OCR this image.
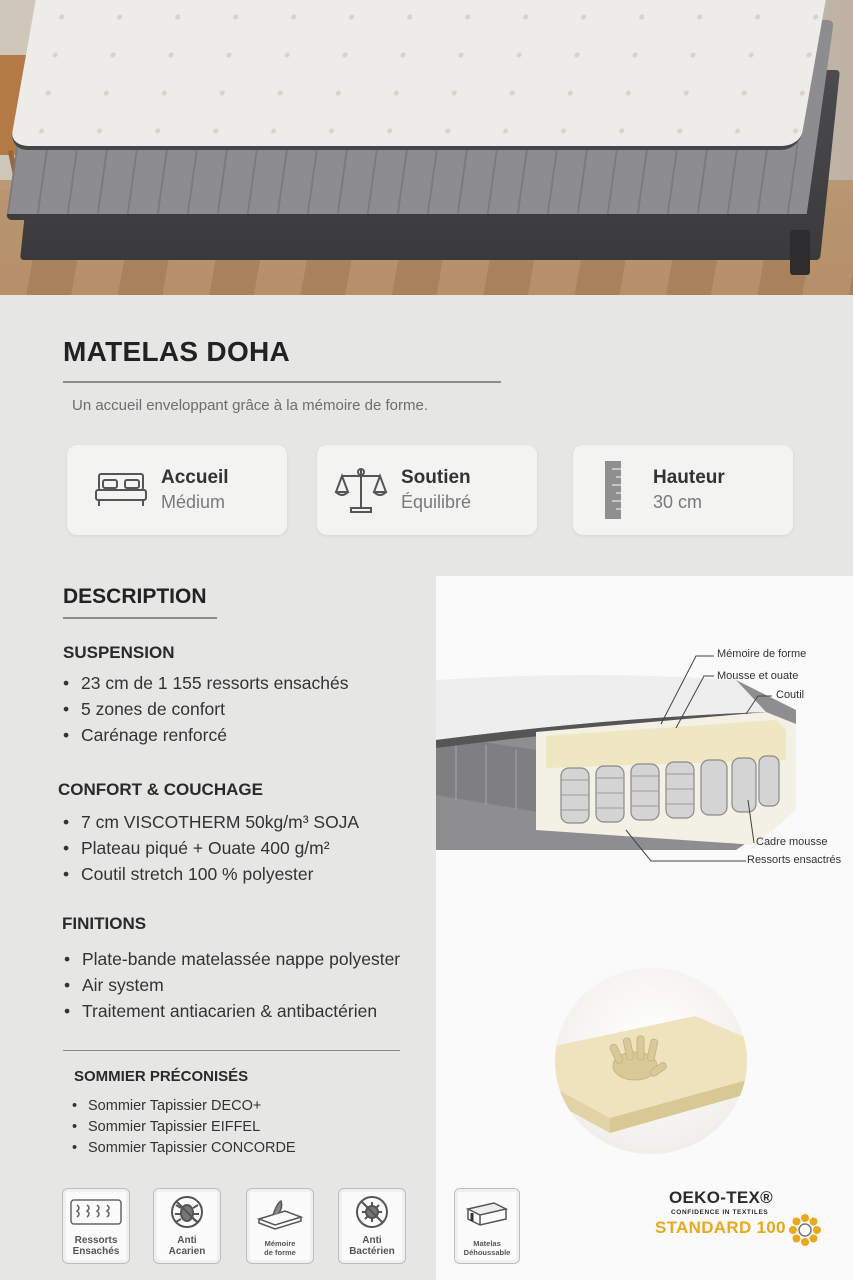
MATELAS DOHA
Un accueil enveloppant grâce à la mémoire de forme.
Accueil
Médium
Soutien
Équilibré
Hauteur
30 cm
DESCRIPTION
SUSPENSION
• 23 cm de 1 155 ressorts ensachés
• 5 zones de confort
• Carénage renforcé
CONFORT & COUCHAGE
• 7 cm VISCOTHERM 50kg/m³ SOJA
• Plateau piqué + Ouate 400 g/m²
• Coutil stretch 100 % polyester
FINITIONS
• Plate-bande matelassée nappe polyester
• Air system
• Traitement antiacarien & antibactérien
SOMMIER PRÉCONISÉS
• Sommier Tapissier DECO+
• Sommier Tapissier EIFFEL
• Sommier Tapissier CONCORDE
Mémoire de forme
Mousse et ouate
Coutil
Cadre mousse
Ressorts ensactrés
Ressorts
Ensachés
Anti
Acarien
Mémoire
de forme
Anti
Bactérien
Matelas
Déhoussable
OEKO-TEX®
CONFIDENCE IN TEXTILES
STANDARD 100
